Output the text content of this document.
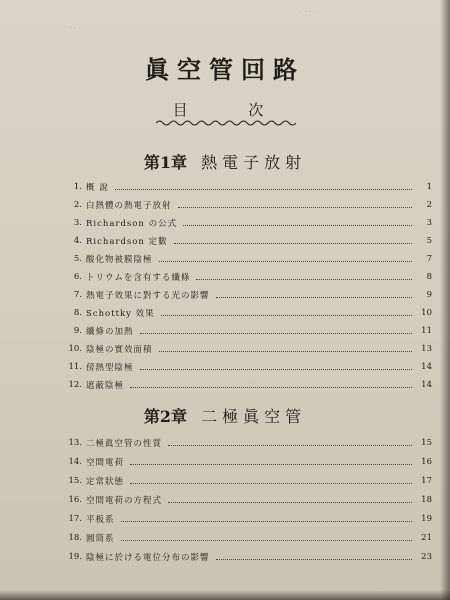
· · · ·
· · ·
眞空管回路
目 次
第1章 熱電子放射
1. 概 說	1
2. 白熱體の熱電子放射	2
3. Richardson の公式	3
4. Richardson 定數	5
5. 酸化物被膜陰極	7
6. トリウムを含有する纖條	8
7. 熱電子效果に對する光の影響	9
8. Schottky 效果	10
9. 纖條の加熱	11
10. 陰極の實效面積	13
11. 傍熱型陰極	14
12. 遮蔽陰極	14
第2章 二極眞空管
13. 二極眞空管の性質	15
14. 空間電荷	16
15. 定常狀態	17
16. 空間電荷の方程式	18
17. 平板系	19
18. 圓筒系	21
19. 陰極に於ける電位分布の影響	23
